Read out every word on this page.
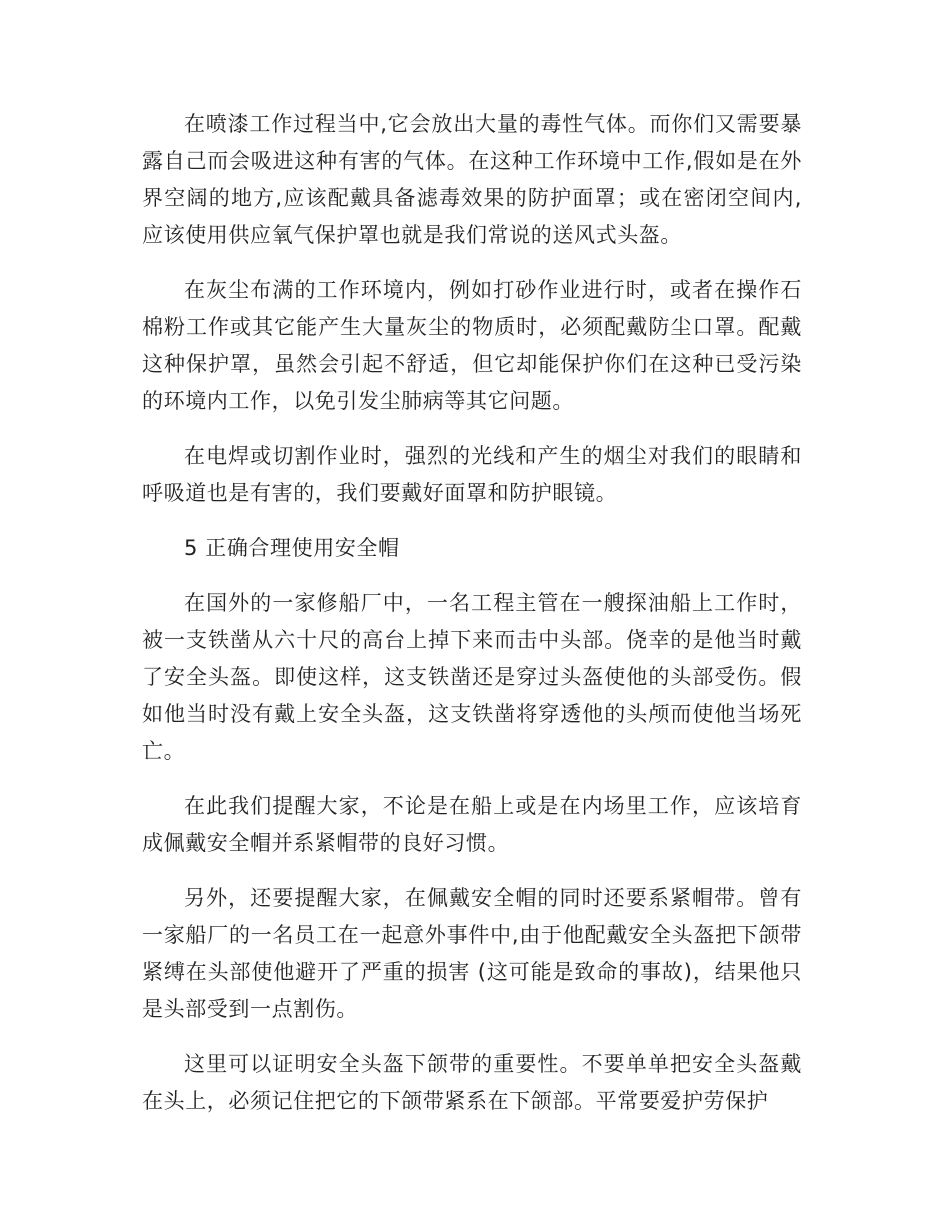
在喷漆工作过程当中,它会放出大量的毒性气体。而你们又需要暴露自己而会吸进这种有害的气体。在这种工作环境中工作,假如是在外界空阔的地方,应该配戴具备滤毒效果的防护面罩；或在密闭空间内,应该使用供应氧气保护罩也就是我们常说的送风式头盔。

在灰尘布满的工作环境内，例如打砂作业进行时，或者在操作石棉粉工作或其它能产生大量灰尘的物质时，必须配戴防尘口罩。配戴这种保护罩，虽然会引起不舒适，但它却能保护你们在这种已受污染的环境内工作，以免引发尘肺病等其它问题。

在电焊或切割作业时，强烈的光线和产生的烟尘对我们的眼睛和呼吸道也是有害的，我们要戴好面罩和防护眼镜。

5 正确合理使用安全帽

在国外的一家修船厂中，一名工程主管在一艘探油船上工作时，被一支铁凿从六十尺的高台上掉下来而击中头部。侥幸的是他当时戴了安全头盔。即使这样，这支铁凿还是穿过头盔使他的头部受伤。假如他当时没有戴上安全头盔，这支铁凿将穿透他的头颅而使他当场死亡。

在此我们提醒大家，不论是在船上或是在内场里工作，应该培育成佩戴安全帽并系紧帽带的良好习惯。

另外，还要提醒大家，在佩戴安全帽的同时还要系紧帽带。曾有一家船厂的一名员工在一起意外事件中,由于他配戴安全头盔把下颌带紧缚在头部使他避开了严重的损害 (这可能是致命的事故)，结果他只是头部受到一点割伤。

这里可以证明安全头盔下颌带的重要性。不要单单把安全头盔戴在头上，必须记住把它的下颌带紧系在下颌部。平常要爱护劳保护
